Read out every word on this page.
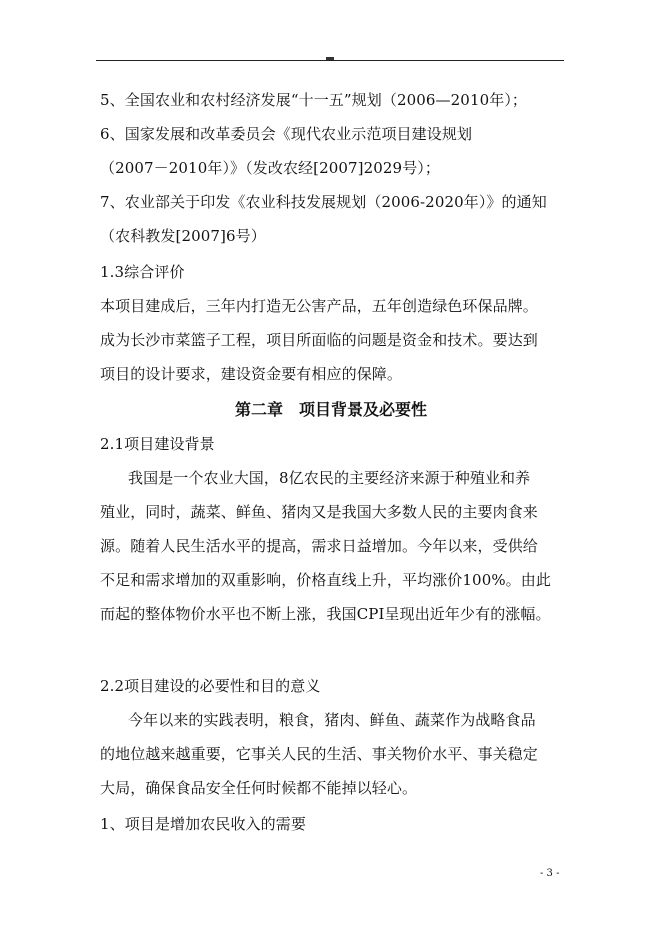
5、全国农业和农村经济发展“十一五”规划（2006—2010年）；
6、国家发展和改革委员会《现代农业示范项目建设规划
（2007－2010年）》（发改农经[2007]2029号）；
7、农业部关于印发《农业科技发展规划（2006-2020年）》的通知
（农科教发[2007]6号）
1.3综合评价
本项目建成后，三年内打造无公害产品，五年创造绿色环保品牌。
成为长沙市菜篮子工程，项目所面临的问题是资金和技术。要达到
项目的设计要求，建设资金要有相应的保障。
第二章　项目背景及必要性
2.1项目建设背景
我国是一个农业大国，8亿农民的主要经济来源于种殖业和养
殖业，同时，蔬菜、鲜鱼、猪肉又是我国大多数人民的主要肉食来
源。随着人民生活水平的提高，需求日益增加。今年以来，受供给
不足和需求增加的双重影响，价格直线上升，平均涨价100%。由此
而起的整体物价水平也不断上涨，我国CPI呈现出近年少有的涨幅。
2.2项目建设的必要性和目的意义
今年以来的实践表明，粮食，猪肉、鲜鱼、蔬菜作为战略食品
的地位越来越重要，它事关人民的生活、事关物价水平、事关稳定
大局，确保食品安全任何时候都不能掉以轻心。
1、项目是增加农民收入的需要
- 3 -
